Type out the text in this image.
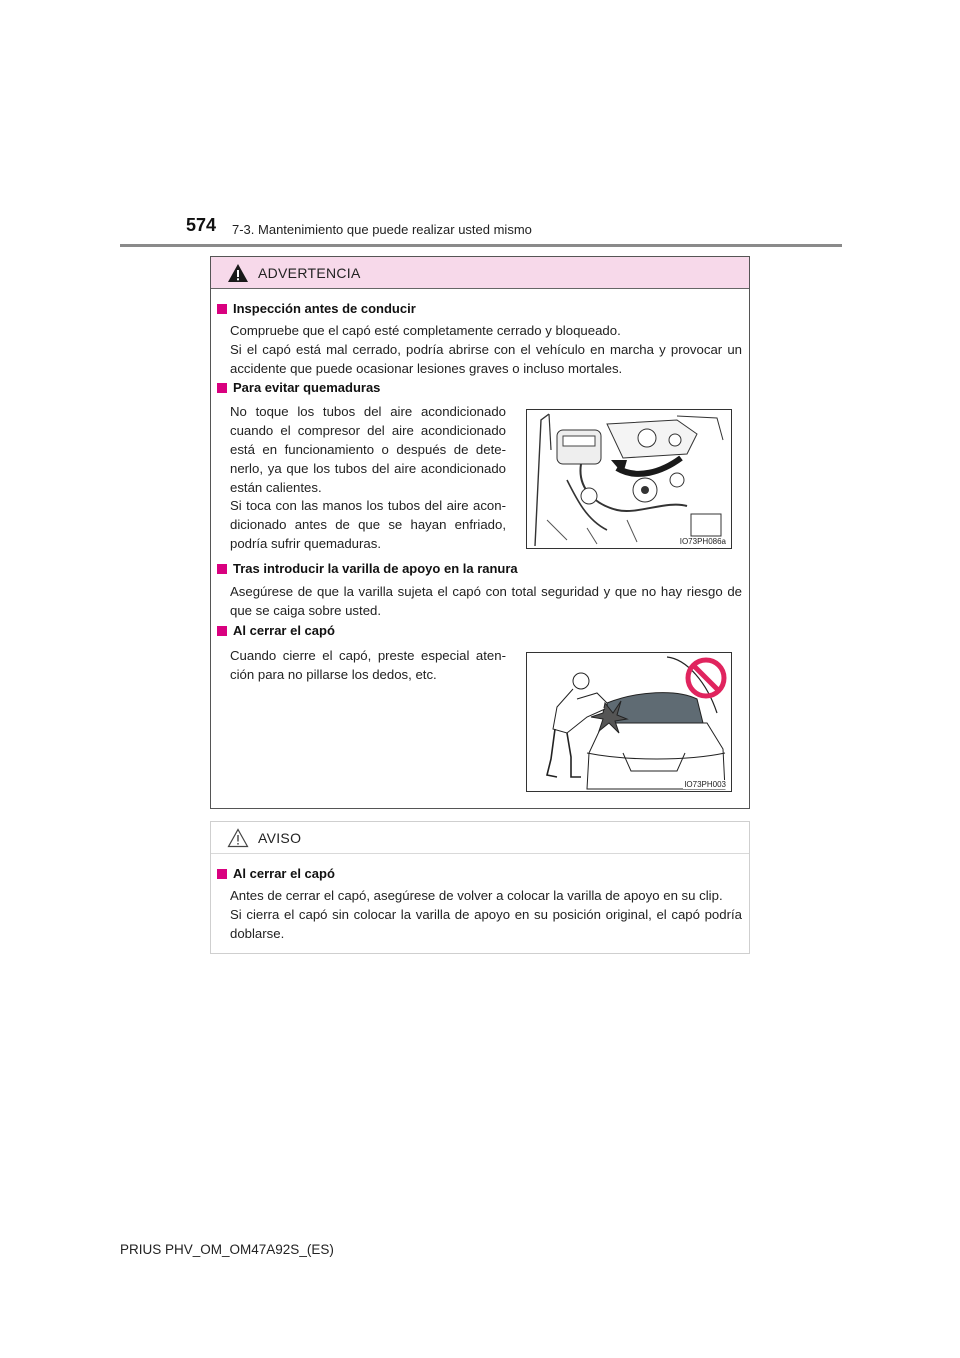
574 7-3. Mantenimiento que puede realizar usted mismo
ADVERTENCIA
Inspección antes de conducir

Compruebe que el capó esté completamente cerrado y bloqueado.

Si el capó está mal cerrado, podría abrirse con el vehículo en marcha y provocar un accidente que puede ocasionar lesiones graves o incluso mortales.

Para evitar quemaduras

No toque los tubos del aire acondicionado cuando el compresor del aire acondicionado está en funcionamiento o después de dete-nerlo, ya que los tubos del aire acondicionado están calientes.

Si toca con las manos los tubos del aire acon-dicionado antes de que se hayan enfriado, podría sufrir quemaduras.	IO73PH086a
Tras introducir la varilla de apoyo en la ranura

Asegúrese de que la varilla sujeta el capó con total seguridad y que no hay riesgo de que se caiga sobre usted.

Al cerrar el capó

Cuando cierre el capó, preste especial aten-ción para no pillarse los dedos, etc.

IO73PH003
AVISO
Al cerrar el capó

Antes de cerrar el capó, asegúrese de volver a colocar la varilla de apoyo en su clip.

Si cierra el capó sin colocar la varilla de apoyo en su posición original, el capó podría doblarse.

PRIUS PHV_OM_OM47A92S_(ES)
